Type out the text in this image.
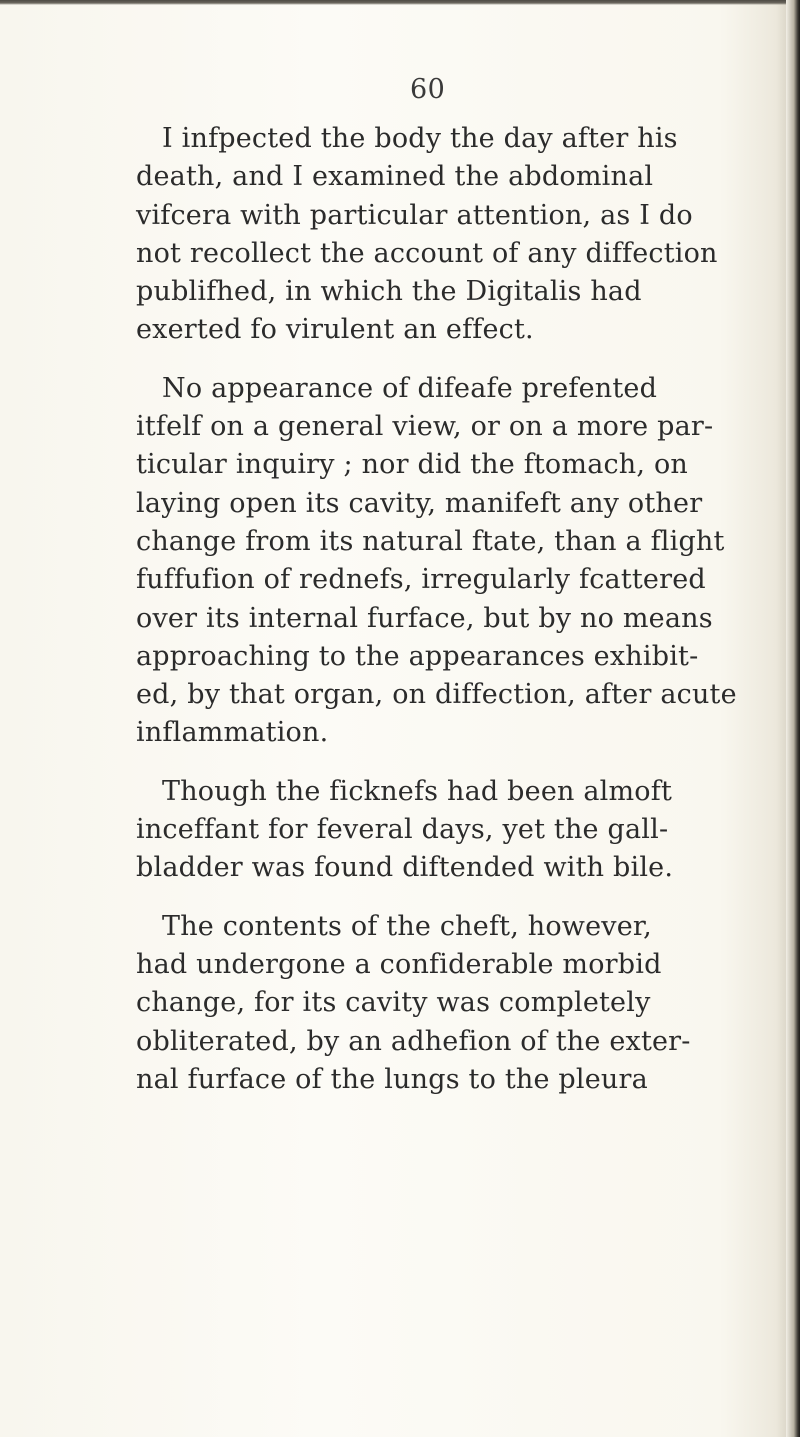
60
I infpected the body the day after his
death, and I examined the abdominal
vifcera with particular attention, as I do
not recollect the account of any diffection
publifhed, in which the Digitalis had
exerted fo virulent an effect.
No appearance of difeafe prefented
itfelf on a general view, or on a more par-
ticular inquiry ; nor did the ftomach, on
laying open its cavity, manifeft any other
change from its natural ftate, than a flight
fuffufion of rednefs, irregularly fcattered
over its internal furface, but by no means
approaching to the appearances exhibit-
ed, by that organ, on diffection, after acute
inflammation.
Though the ficknefs had been almoft
inceffant for feveral days, yet the gall-
bladder was found diftended with bile.
The contents of the cheft, however,
had undergone a confiderable morbid
change, for its cavity was completely
obliterated, by an adhefion of the exter-
nal furface of the lungs to the pleura
